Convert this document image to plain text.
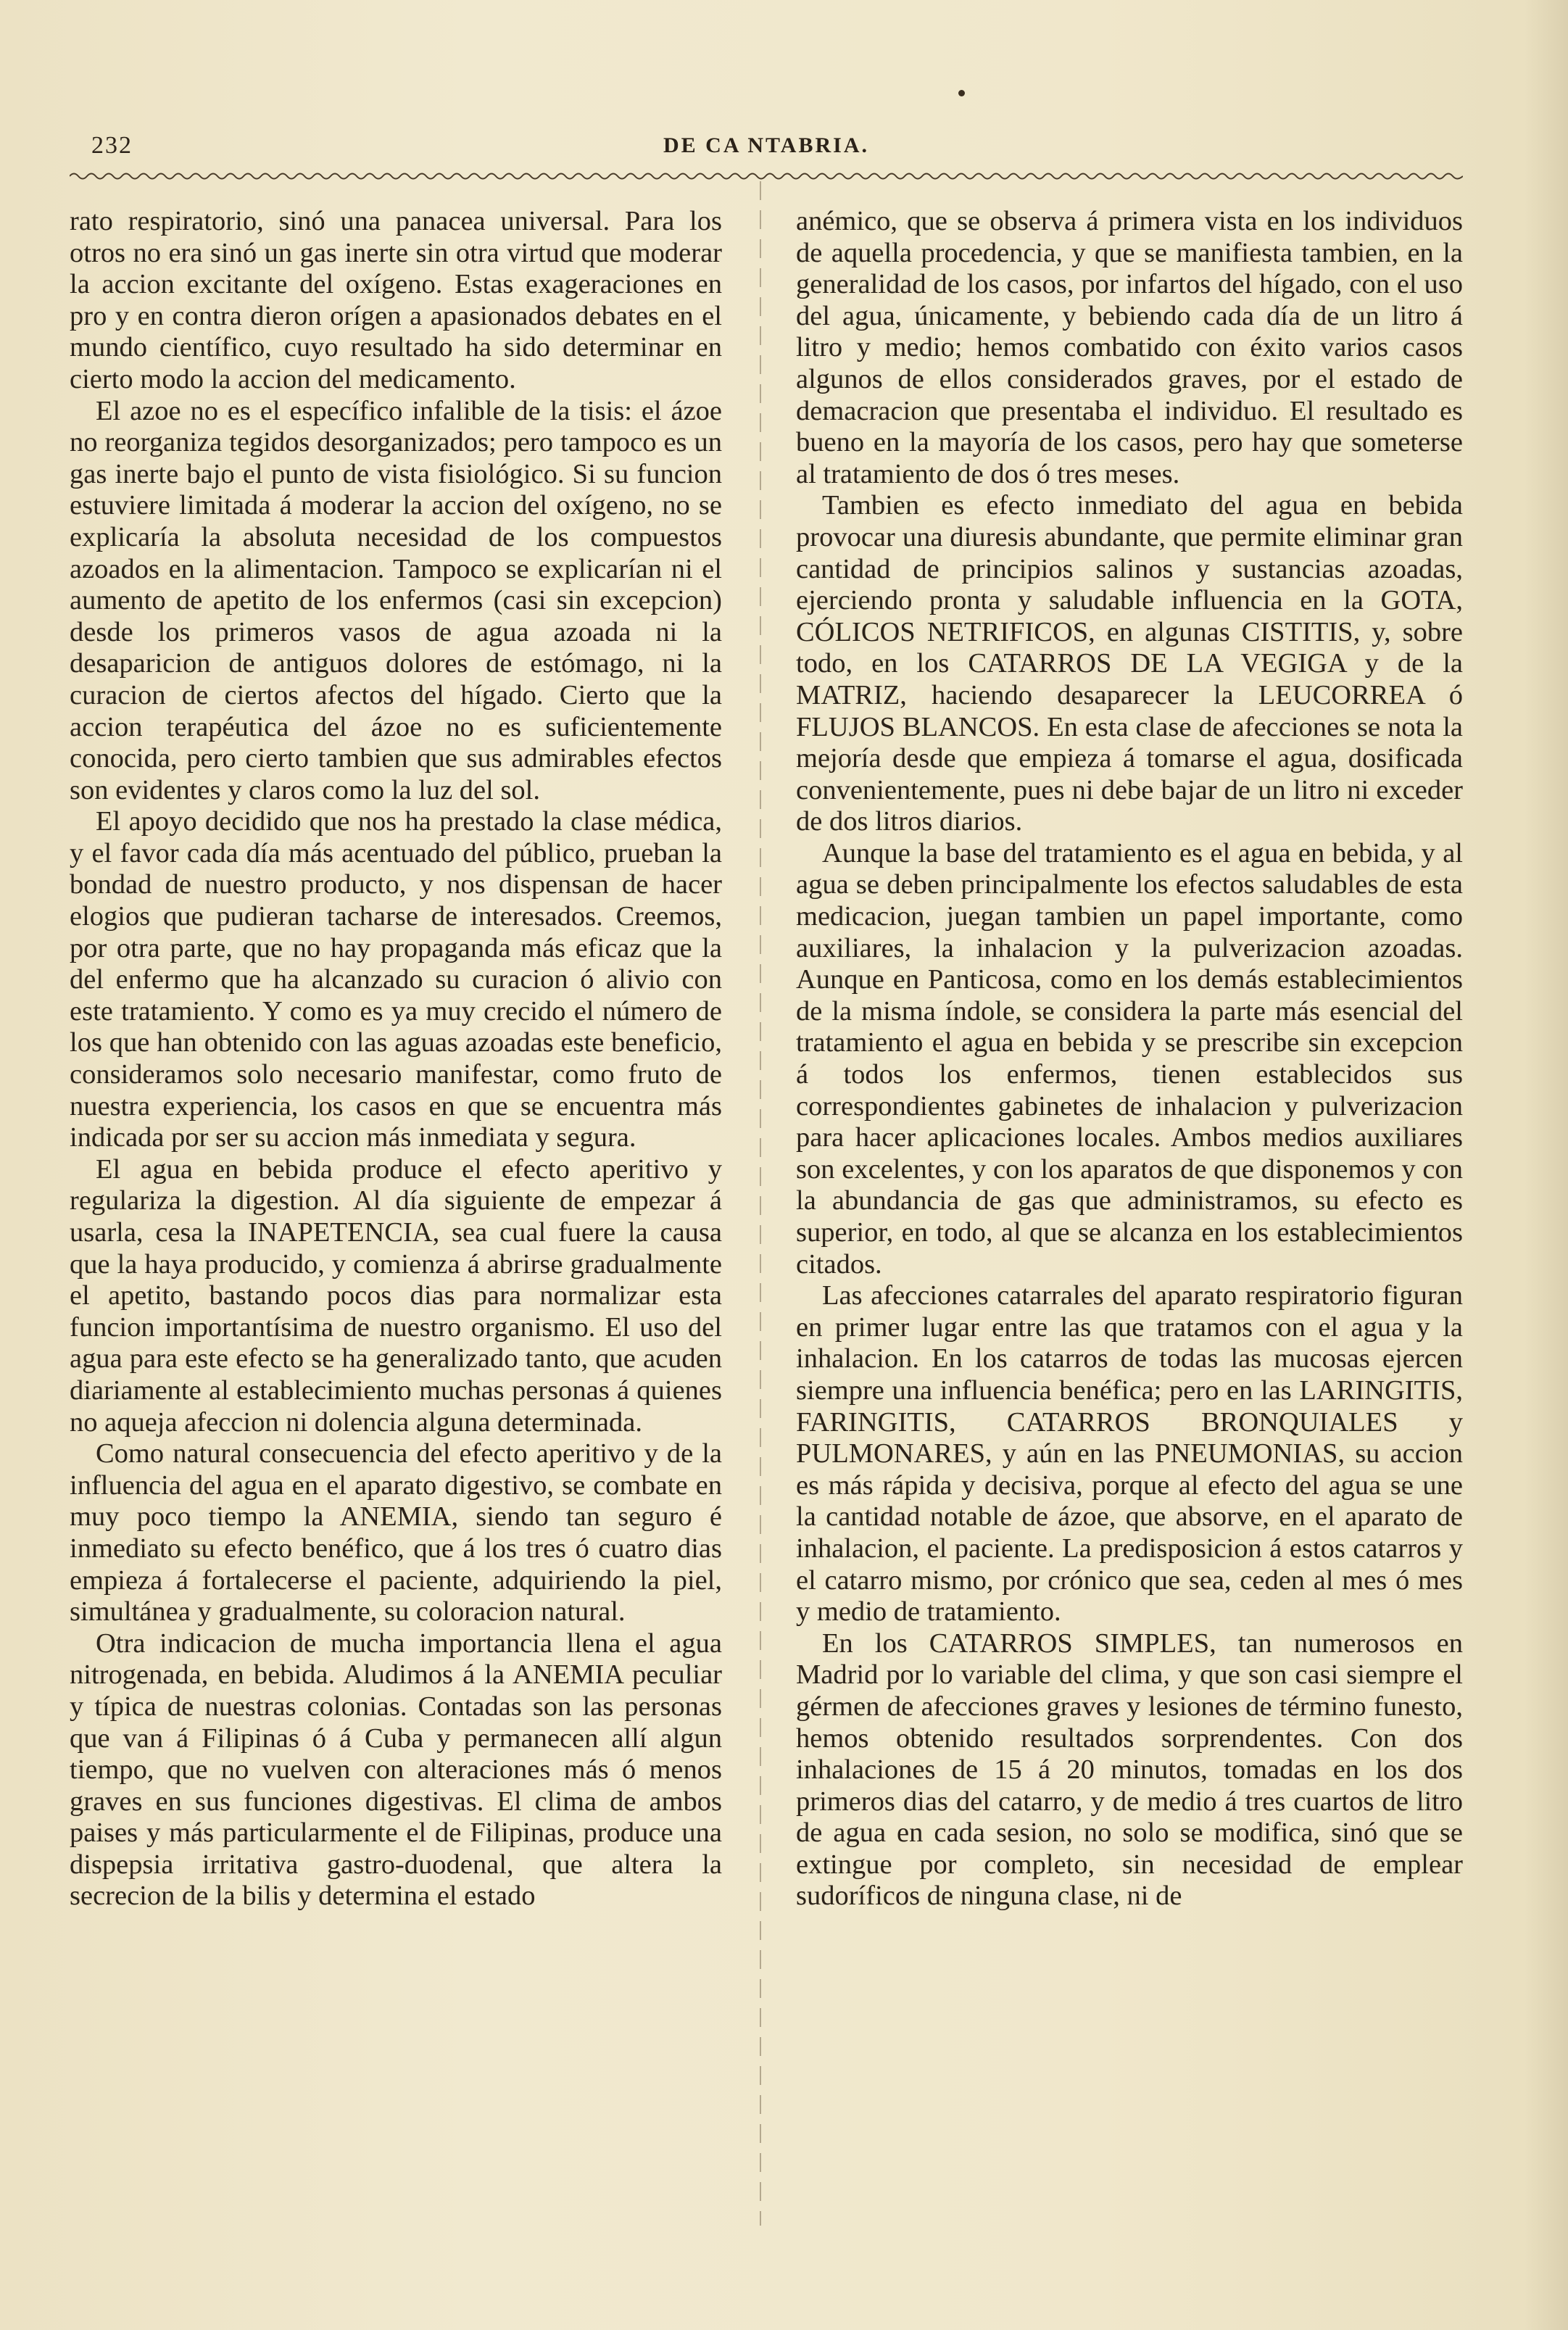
232	DE CA NTABRIA.

rato respiratorio, sinó una panacea universal. Para los otros no era sinó un gas inerte sin otra virtud que moderar la accion excitante del oxígeno. Estas exageraciones en pro y en contra dieron orígen a apasionados debates en el mundo científico, cuyo resultado ha sido determinar en cierto modo la accion del medicamento.

El azoe no es el específico infalible de la tisis: el ázoe no reorganiza tegidos desorganizados; pero tampoco es un gas inerte bajo el punto de vista fisiológico. Si su funcion estuviere limitada á moderar la accion del oxígeno, no se explicaría la absoluta necesidad de los compuestos azoados en la alimentacion. Tampoco se explicarían ni el aumento de apetito de los enfermos (casi sin excepcion) desde los primeros vasos de agua azoada ni la desaparicion de antiguos dolores de estómago, ni la curacion de ciertos afectos del hígado. Cierto que la accion terapéutica del ázoe no es suficientemente conocida, pero cierto tambien que sus admirables efectos son evidentes y claros como la luz del sol.

El apoyo decidido que nos ha prestado la clase médica, y el favor cada día más acentuado del público, prueban la bondad de nuestro producto, y nos dispensan de hacer elogios que pudieran tacharse de interesados. Creemos, por otra parte, que no hay propaganda más eficaz que la del enfermo que ha alcanzado su curacion ó alivio con este tratamiento. Y como es ya muy crecido el número de los que han obtenido con las aguas azoadas este beneficio, consideramos solo necesario manifestar, como fruto de nuestra experiencia, los casos en que se encuentra más indicada por ser su accion más inmediata y segura.

El agua en bebida produce el efecto aperitivo y regulariza la digestion. Al día siguiente de empezar á usarla, cesa la INAPETENCIA, sea cual fuere la causa que la haya producido, y comienza á abrirse gradualmente el apetito, bastando pocos dias para normalizar esta funcion importantísima de nuestro organismo. El uso del agua para este efecto se ha generalizado tanto, que acuden diariamente al establecimiento muchas personas á quienes no aqueja afeccion ni dolencia alguna determinada.

Como natural consecuencia del efecto aperitivo y de la influencia del agua en el aparato digestivo, se combate en muy poco tiempo la ANEMIA, siendo tan seguro é inmediato su efecto benéfico, que á los tres ó cuatro dias empieza á fortalecerse el paciente, adquiriendo la piel, simultánea y gradualmente, su coloracion natural.

Otra indicacion de mucha importancia llena el agua nitrogenada, en bebida. Aludimos á la ANEMIA peculiar y típica de nuestras colonias. Contadas son las personas que van á Filipinas ó á Cuba y permanecen allí algun tiempo, que no vuelven con alteraciones más ó menos graves en sus funciones digestivas. El clima de ambos paises y más particularmente el de Filipinas, produce una dispepsia irritativa gastro-duodenal, que altera la secrecion de la bilis y determina el estado

anémico, que se observa á primera vista en los individuos de aquella procedencia, y que se manifiesta tambien, en la generalidad de los casos, por infartos del hígado, con el uso del agua, únicamente, y bebiendo cada día de un litro á litro y medio; hemos combatido con éxito varios casos algunos de ellos considerados graves, por el estado de demacracion que presentaba el individuo. El resultado es bueno en la mayoría de los casos, pero hay que someterse al tratamiento de dos ó tres meses.

Tambien es efecto inmediato del agua en bebida provocar una diuresis abundante, que permite eliminar gran cantidad de principios salinos y sustancias azoadas, ejerciendo pronta y saludable influencia en la GOTA, CÓLICOS NETRIFICOS, en algunas CISTITIS, y, sobre todo, en los CATARROS DE LA VEGIGA y de la MATRIZ, haciendo desaparecer la LEUCORREA ó FLUJOS BLANCOS. En esta clase de afecciones se nota la mejoría desde que empieza á tomarse el agua, dosificada convenientemente, pues ni debe bajar de un litro ni exceder de dos litros diarios.

Aunque la base del tratamiento es el agua en bebida, y al agua se deben principalmente los efectos saludables de esta medicacion, juegan tambien un papel importante, como auxiliares, la inhalacion y la pulverizacion azoadas. Aunque en Panticosa, como en los demás establecimientos de la misma índole, se considera la parte más esencial del tratamiento el agua en bebida y se prescribe sin excepcion á todos los enfermos, tienen establecidos sus correspondientes gabinetes de inhalacion y pulverizacion para hacer aplicaciones locales. Ambos medios auxiliares son excelentes, y con los aparatos de que disponemos y con la abundancia de gas que administramos, su efecto es superior, en todo, al que se alcanza en los establecimientos citados.

Las afecciones catarrales del aparato respiratorio figuran en primer lugar entre las que tratamos con el agua y la inhalacion. En los catarros de todas las mucosas ejercen siempre una influencia benéfica; pero en las LARINGITIS, FARINGITIS, CATARROS BRONQUIALES y PULMONARES, y aún en las PNEUMONIAS, su accion es más rápida y decisiva, porque al efecto del agua se une la cantidad notable de ázoe, que absorve, en el aparato de inhalacion, el paciente. La predisposicion á estos catarros y el catarro mismo, por crónico que sea, ceden al mes ó mes y medio de tratamiento.

En los CATARROS SIMPLES, tan numerosos en Madrid por lo variable del clima, y que son casi siempre el gérmen de afecciones graves y lesiones de término funesto, hemos obtenido resultados sorprendentes. Con dos inhalaciones de 15 á 20 minutos, tomadas en los dos primeros dias del catarro, y de medio á tres cuartos de litro de agua en cada sesion, no solo se modifica, sinó que se extingue por completo, sin necesidad de emplear sudoríficos de ninguna clase, ni de
